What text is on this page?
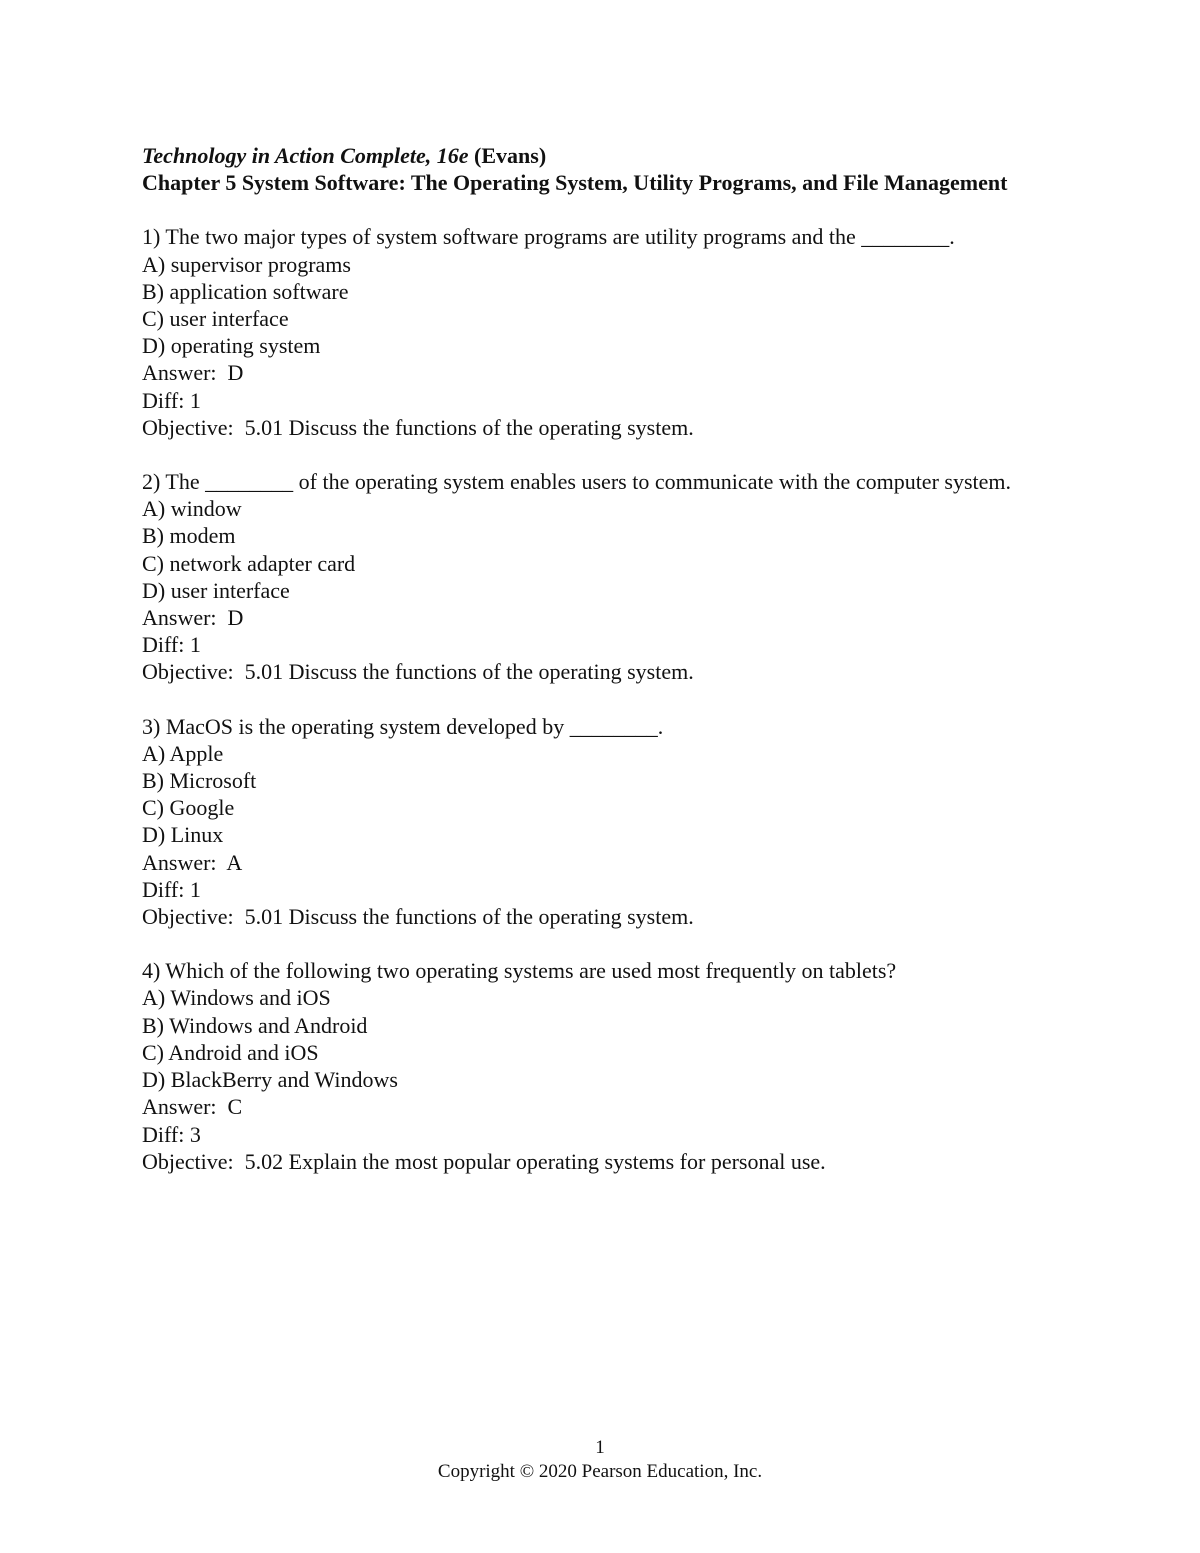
Technology in Action Complete, 16e (Evans)
Chapter 5 System Software: The Operating System, Utility Programs, and File Management
1) The two major types of system software programs are utility programs and the ________.
A) supervisor programs
B) application software
C) user interface
D) operating system
Answer:  D
Diff: 1
Objective:  5.01 Discuss the functions of the operating system.
2) The ________ of the operating system enables users to communicate with the computer system.
A) window
B) modem
C) network adapter card
D) user interface
Answer:  D
Diff: 1
Objective:  5.01 Discuss the functions of the operating system.
3) MacOS is the operating system developed by ________.
A) Apple
B) Microsoft
C) Google
D) Linux
Answer:  A
Diff: 1
Objective:  5.01 Discuss the functions of the operating system.
4) Which of the following two operating systems are used most frequently on tablets?
A) Windows and iOS
B) Windows and Android
C) Android and iOS
D) BlackBerry and Windows
Answer:  C
Diff: 3
Objective:  5.02 Explain the most popular operating systems for personal use.
1
Copyright © 2020 Pearson Education, Inc.
